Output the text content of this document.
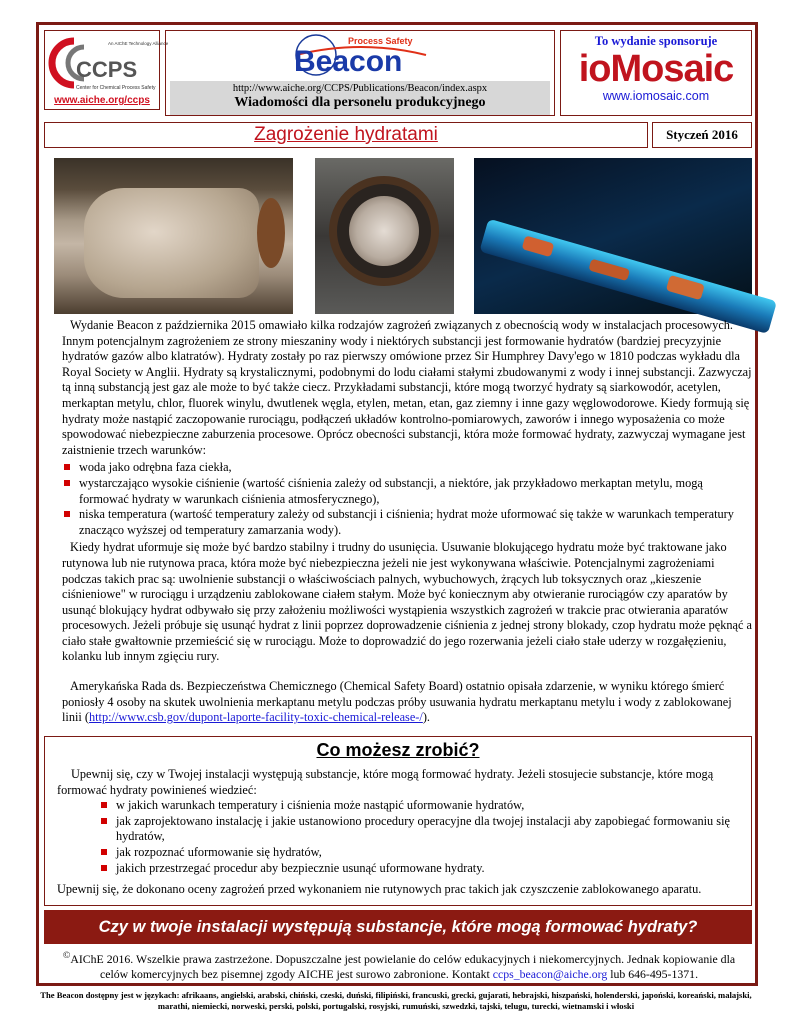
CCPS
An AIChE Technology Alliance
Center for Chemical Process Safety
www.aiche.org/ccps
Process Safety
Beacon
http://www.aiche.org/CCPS/Publications/Beacon/index.aspx
Wiadomości dla personelu produkcyjnego
To wydanie sponsoruje
ioMosaic
www.iomosaic.com
Zagrożenie hydratami	Styczeń 2016

Wydanie Beacon z października 2015 omawiało kilka rodzajów zagrożeń związanych z obecnością wody w instalacjach procesowych. Innym potencjalnym zagrożeniem ze strony mieszaniny wody i niektórych substancji jest formowanie hydratów (bardziej precyzyjnie hydratów gazów albo klatratów). Hydraty zostały po raz pierwszy omówione przez Sir Humphrey Davy'ego w 1810 podczas wykładu dla Royal Society w Anglii. Hydraty są krystalicznymi, podobnymi do lodu ciałami stałymi zbudowanymi z wody i innej substancji. Zazwyczaj tą inną substancją jest gaz ale może to być także ciecz. Przykładami substancji, które mogą tworzyć hydraty są siarkowodór, acetylen, merkaptan metylu, chlor, fluorek winylu, dwutlenek węgla, etylen, metan, etan, gaz ziemny i inne gazy węglowodorowe. Kiedy formują się hydraty może nastąpić zaczopowanie rurociągu, podłączeń układów kontrolno-pomiarowych, zaworów i innego wyposażenia co może spowodować niebezpieczne zaburzenia procesowe. Oprócz obecności substancji, która może formować hydraty, zazwyczaj wymagane jest zaistnienie trzech warunków:

woda jako odrębna faza ciekła,
wystarczająco wysokie ciśnienie (wartość ciśnienia zależy od substancji, a niektóre, jak przykładowo merkaptan metylu, mogą formować hydraty w warunkach ciśnienia atmosferycznego),
niska temperatura (wartość temperatury zależy od substancji i ciśnienia; hydrat może uformować się także w warunkach temperatury znacząco wyższej od temperatury zamarzania wody).

Kiedy hydrat uformuje się może być bardzo stabilny i trudny do usunięcia. Usuwanie blokującego hydratu może być traktowane jako rutynowa lub nie rutynowa praca, która może być niebezpieczna jeżeli nie jest wykonywana właściwie. Potencjalnymi zagrożeniami podczas takich prac są: uwolnienie substancji o właściwościach palnych, wybuchowych, żrących lub toksycznych oraz „kieszenie ciśnieniowe" w rurociągu i urządzeniu zablokowane ciałem stałym. Może być koniecznym aby otwieranie rurociągów czy aparatów by usunąć blokujący hydrat odbywało się przy założeniu możliwości wystąpienia wszystkich zagrożeń w trakcie prac otwierania aparatów procesowych. Jeżeli próbuje się usunąć hydrat z linii poprzez doprowadzenie ciśnienia z jednej strony blokady, czop hydratu może pęknąć a ciało stałe gwałtownie przemieścić się w rurociągu. Może to doprowadzić do jego rozerwania jeżeli ciało stałe uderzy w rozgałęzieniu, kolanku lub innym zgięciu rury.

Amerykańska Rada ds. Bezpieczeństwa Chemicznego (Chemical Safety Board) ostatnio opisała zdarzenie, w wyniku którego śmierć poniosły 4 osoby na skutek uwolnienia merkaptanu metylu podczas próby usuwania hydratu merkaptanu metylu i wody z zablokowanej linii (http://www.csb.gov/dupont-laporte-facility-toxic-chemical-release-/).

Co możesz zrobić?

Upewnij się, czy w Twojej instalacji występują substancje, które mogą formować hydraty. Jeżeli stosujecie substancje, które mogą formować hydraty powinieneś wiedzieć:

w jakich warunkach temperatury i ciśnienia może nastąpić uformowanie hydratów,
jak zaprojektowano instalację i jakie ustanowiono procedury operacyjne dla twojej instalacji aby zapobiegać formowaniu się hydratów,
jak rozpoznać uformowanie się hydratów,
jakich przestrzegać procedur aby bezpiecznie usunąć uformowane hydraty.

Upewnij się, że dokonano oceny zagrożeń przed wykonaniem nie rutynowych prac takich jak czyszczenie zablokowanego aparatu.

Czy w twoje instalacji występują substancje, które mogą formować hydraty?
©AIChE 2016. Wszelkie prawa zastrzeżone. Dopuszczalne jest powielanie do celów edukacyjnych i niekomercyjnych. Jednak kopiowanie dla celów komercyjnych bez pisemnej zgody AICHE jest surowo zabronione. Kontakt ccps_beacon@aiche.org lub 646-495-1371.
The Beacon dostępny jest w językach: afrikaans, angielski, arabski, chiński, czeski, duński, filipiński, francuski, grecki, gujarati, hebrajski, hiszpański, holenderski, japoński, koreański, malajski, marathi, niemiecki, norweski, perski, polski, portugalski, rosyjski, rumuński, szwedzki, tajski, telugu, turecki, wietnamski i włoski
